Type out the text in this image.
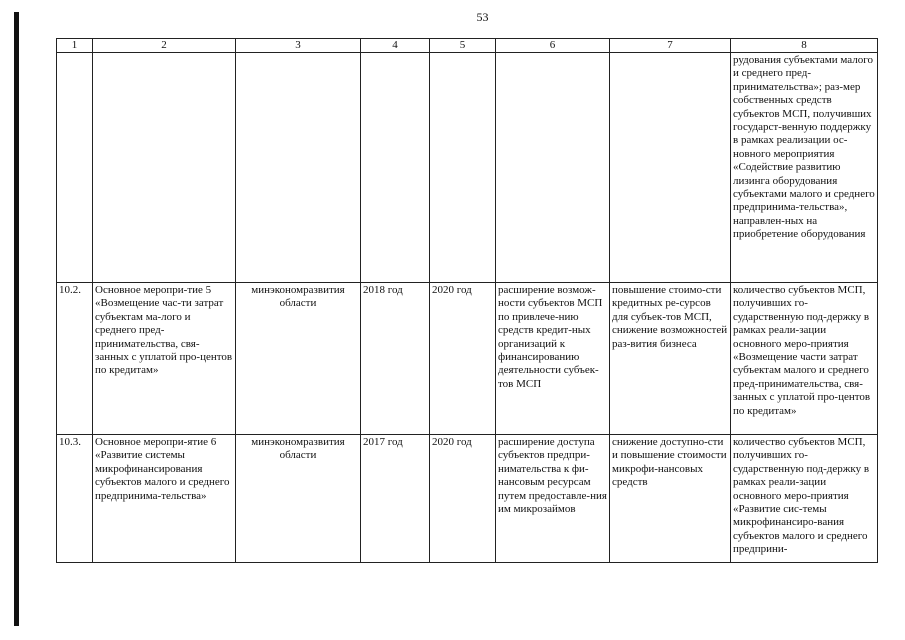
53
1	2	3	4	5	6	7	8
							рудования субъектами малого и среднего пред-принимательства»; раз-мер собственных средств субъектов МСП, получивших государст-венную поддержку в рамках реализации ос-новного мероприятия «Содействие развитию лизинга оборудования субъектами малого и среднего предпринима-тельства», направлен-ных на приобретение оборудования
10.2.	Основное меропри-тие 5 «Возмещение час-ти затрат субъектам ма-лого и среднего пред-принимательства, свя-занных с уплатой про-центов по кредитам»	минэкономразвития области	2018 год	2020 год	расширение возмож-ности субъектов МСП по привлече-нию средств кредит-ных организаций к финансированию деятельности субъек-тов МСП	повышение стоимо-сти кредитных ре-сурсов для субъек-тов МСП, снижение возможностей раз-вития бизнеса	количество субъектов МСП, получивших го-сударственную под-держку в рамках реали-зации основного меро-приятия «Возмещение части затрат субъектам малого и среднего пред-принимательства, свя-занных с уплатой про-центов по кредитам»
10.3.	Основное меропри-ятие 6 «Развитие системы микрофинансирования субъектов малого и среднего предпринима-тельства»	минэкономразвития области	2017 год	2020 год	расширение доступа субъектов предпри-нимательства к фи-нансовым ресурсам путем предоставле-ния им микрозаймов	снижение доступно-сти и повышение стоимости микрофи-нансовых средств	количество субъектов МСП, получивших го-сударственную под-держку в рамках реали-зации основного меро-приятия «Развитие сис-темы микрофинансиро-вания субъектов малого и среднего предприни-
